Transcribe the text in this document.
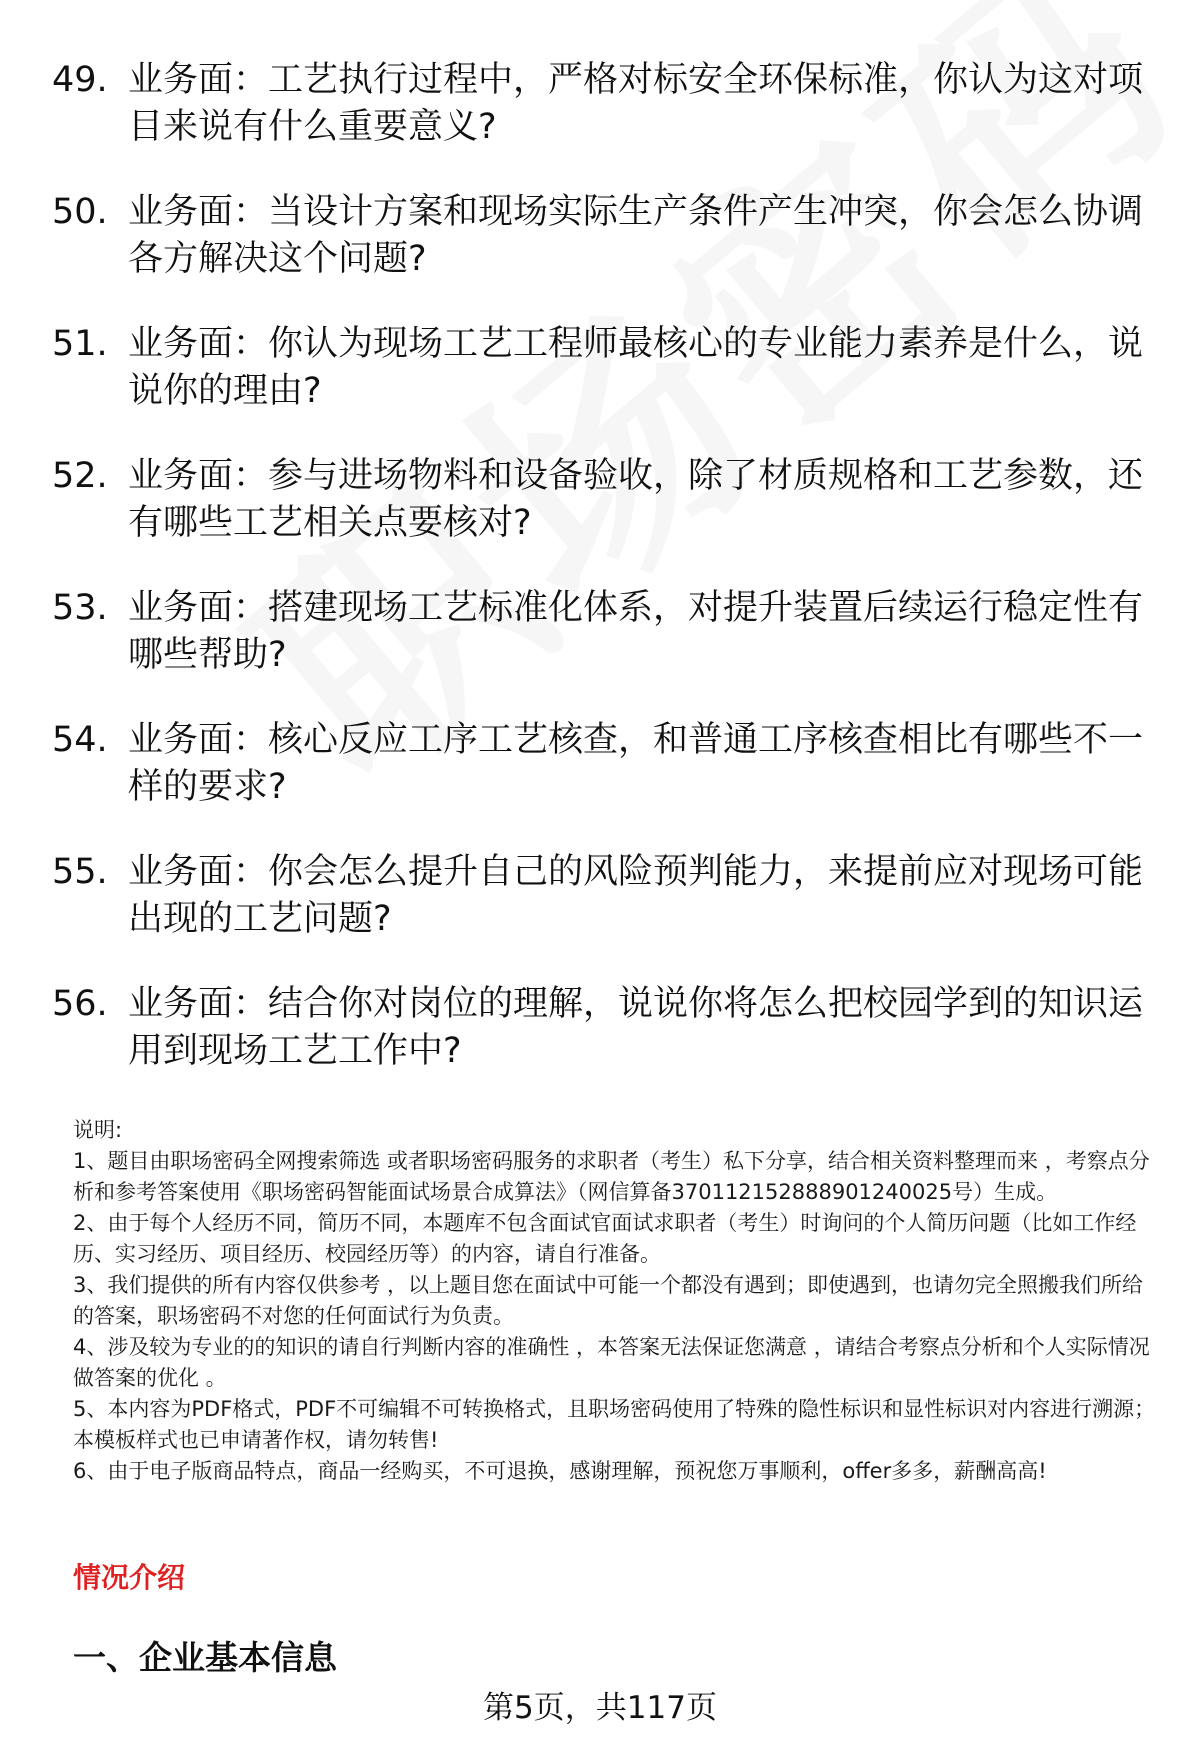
49. 业务面：工艺执行过程中，严格对标安全环保标准，你认为这对项目来说有什么重要意义?
50. 业务面：当设计方案和现场实际生产条件产生冲突，你会怎么协调各方解决这个问题?
51. 业务面：你认为现场工艺工程师最核心的专业能力素养是什么，说说你的理由?
52. 业务面：参与进场物料和设备验收，除了材质规格和工艺参数，还有哪些工艺相关点要核对?
53. 业务面：搭建现场工艺标准化体系，对提升装置后续运行稳定性有哪些帮助?
54. 业务面：核心反应工序工艺核查，和普通工序核查相比有哪些不一样的要求?
55. 业务面：你会怎么提升自己的风险预判能力，来提前应对现场可能出现的工艺问题?
56. 业务面：结合你对岗位的理解，说说你将怎么把校园学到的知识运用到现场工艺工作中?

说明:

1、题目由职场密码全网搜索筛选 或者职场密码服务的求职者（考生）私下分享，结合相关资料整理而来 ，考察点分析和参考答案使用《职场密码智能面试场景合成算法》（网信算备370112152888901240025号）生成。

2、由于每个人经历不同，简历不同，本题库不包含面试官面试求职者（考生）时询问的个人简历问题（比如工作经历、实习经历、项目经历、校园经历等）的内容，请自行准备。

3、我们提供的所有内容仅供参考 ，以上题目您在面试中可能一个都没有遇到；即使遇到，也请勿完全照搬我们所给的答案，职场密码不对您的任何面试行为负责。

4、涉及较为专业的的知识的请自行判断内容的准确性 ，本答案无法保证您满意 ，请结合考察点分析和个人实际情况做答案的优化 。

5、本内容为PDF格式，PDF不可编辑不可转换格式，且职场密码使用了特殊的隐性标识和显性标识对内容进行溯源；本模板样式也已申请著作权，请勿转售!

6、由于电子版商品特点，商品一经购买，不可退换，感谢理解，预祝您万事顺利，offer多多，薪酬高高!

情况介绍
一、企业基本信息
第5页，共117页
